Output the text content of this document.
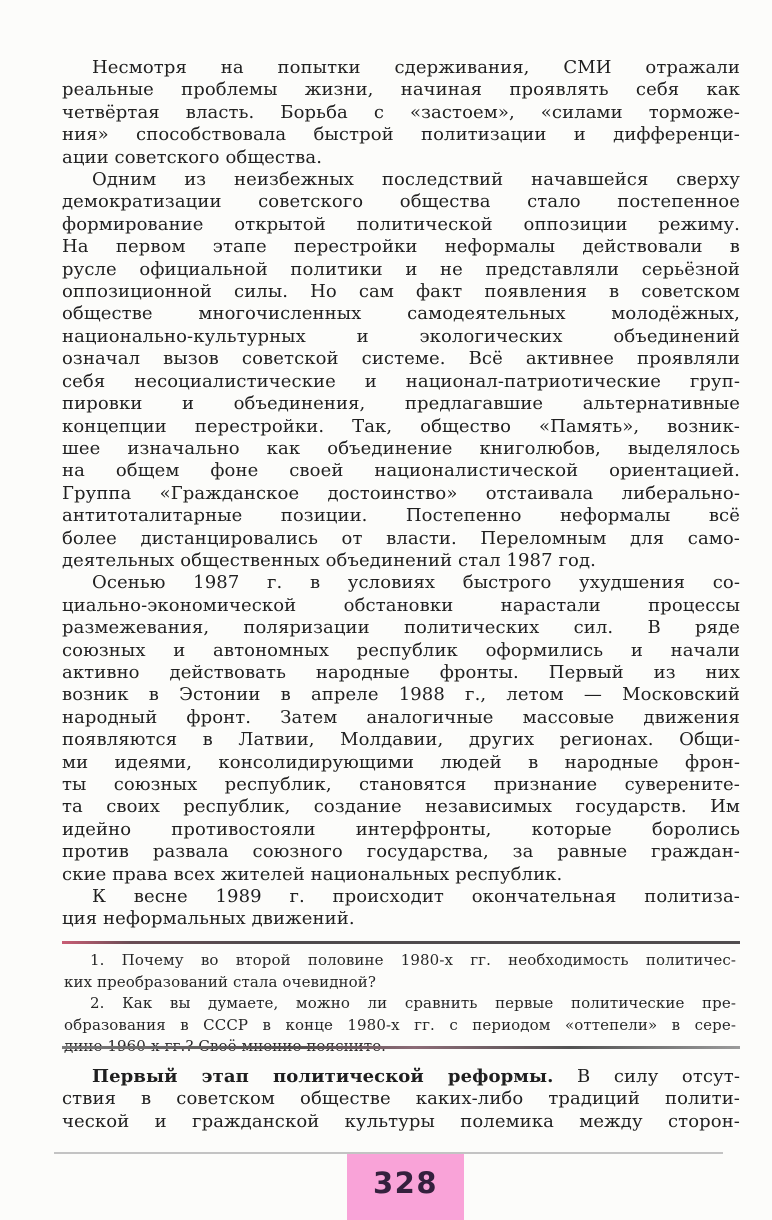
Несмотря на попытки сдерживания, СМИ отражали
реальные проблемы жизни, начиная проявлять себя как
четвёртая власть. Борьба с «застоем», «силами торможе-
ния» способствовала быстрой политизации и дифференци-
ации советского общества.
Одним из неизбежных последствий начавшейся сверху
демократизации советского общества стало постепенное
формирование открытой политической оппозиции режиму.
На первом этапе перестройки неформалы действовали в
русле официальной политики и не представляли серьёзной
оппозиционной силы. Но сам факт появления в советском
обществе многочисленных самодеятельных молодёжных,
национально-культурных и экологических объединений
означал вызов советской системе. Всё активнее проявляли
себя несоциалистические и национал-патриотические груп-
пировки и объединения, предлагавшие альтернативные
концепции перестройки. Так, общество «Память», возник-
шее изначально как объединение книголюбов, выделялось
на общем фоне своей националистической ориентацией.
Группа «Гражданское достоинство» отстаивала либерально-
антитоталитарные позиции. Постепенно неформалы всё
более дистанцировались от власти. Переломным для само-
деятельных общественных объединений стал 1987 год.
Осенью 1987 г. в условиях быстрого ухудшения со-
циально-экономической обстановки нарастали процессы
размежевания, поляризации политических сил. В ряде
союзных и автономных республик оформились и начали
активно действовать народные фронты. Первый из них
возник в Эстонии в апреле 1988 г., летом — Московский
народный фронт. Затем аналогичные массовые движения
появляются в Латвии, Молдавии, других регионах. Общи-
ми идеями, консолидирующими людей в народные фрон-
ты союзных республик, становятся признание суверените-
та своих республик, создание независимых государств. Им
идейно противостояли интерфронты, которые боролись
против развала союзного государства, за равные граждан-
ские права всех жителей национальных республик.
К весне 1989 г. происходит окончательная политиза-
ция неформальных движений.
1. Почему во второй половине 1980-х гг. необходимость политичес-
ких преобразований стала очевидной?
2. Как вы думаете, можно ли сравнить первые политические пре-
образования в СССР в конце 1980-х гг. с периодом «оттепели» в сере-
Первый этап политической реформы. В силу отсут-
ствия в советском обществе каких-либо традиций полити-
ческой и гражданской культуры полемика между сторон-
328
